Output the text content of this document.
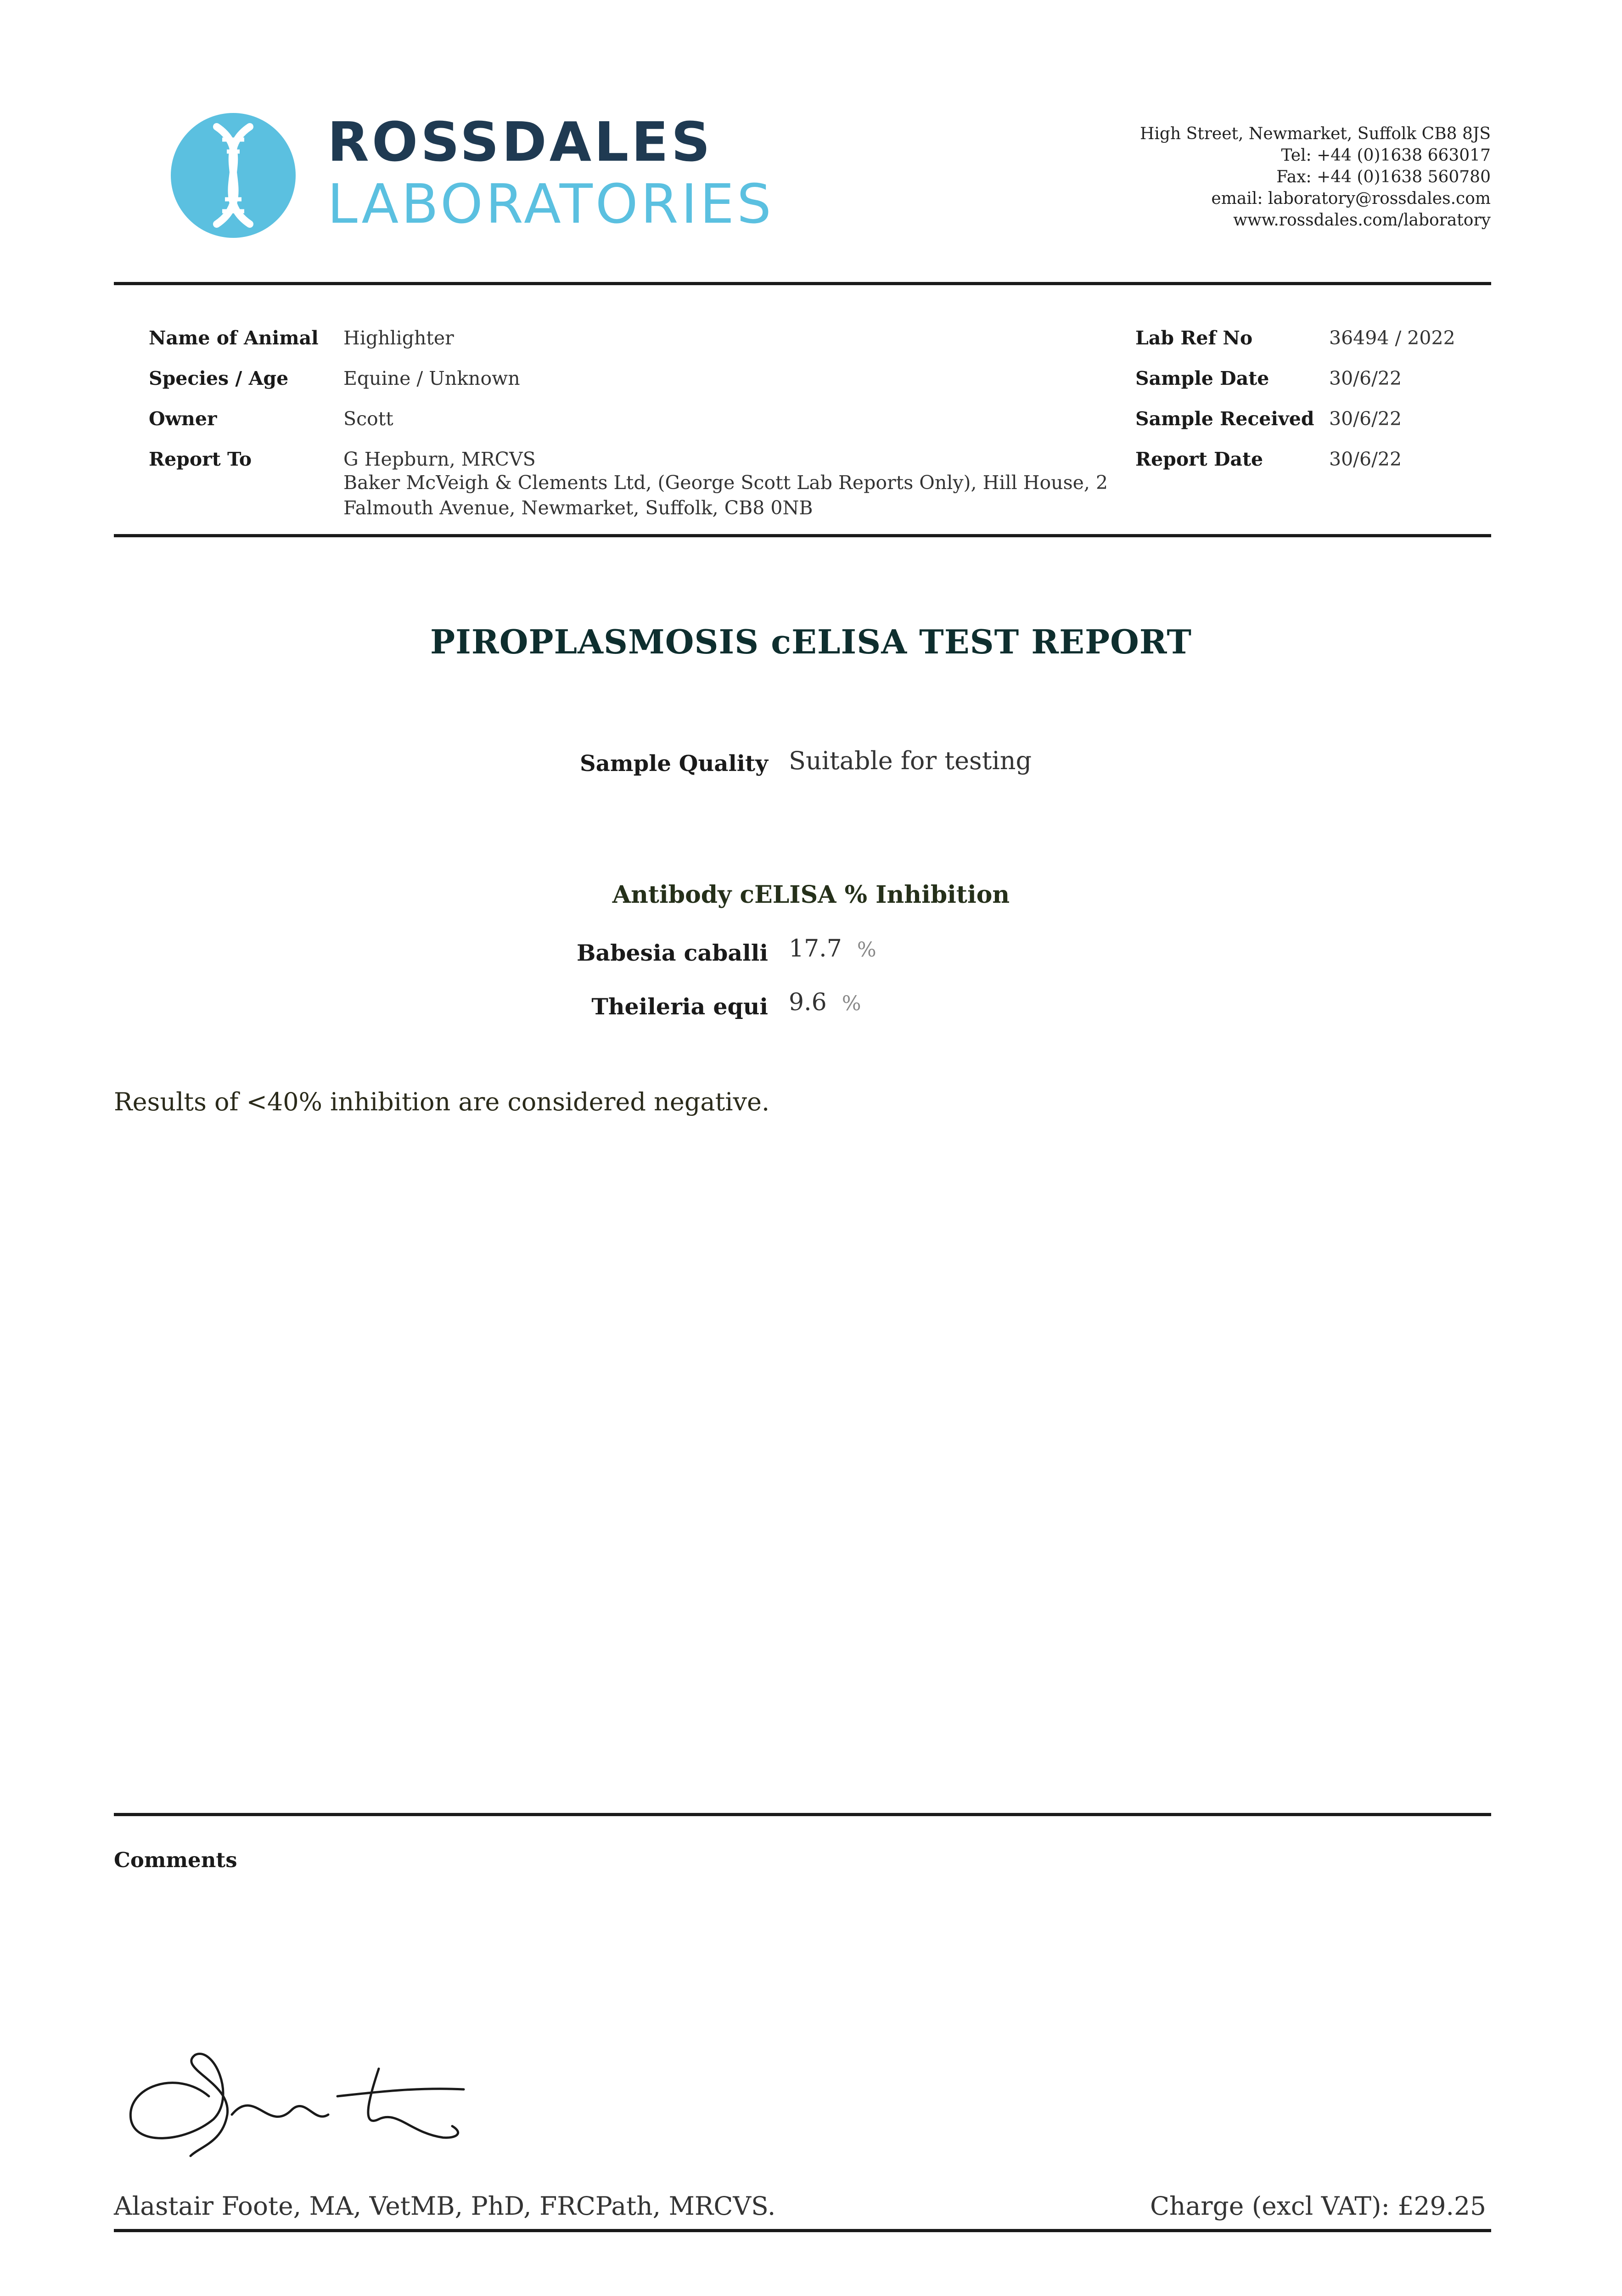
ROSSDALES
LABORATORIES
High Street, Newmarket, Suffolk CB8 8JS
Tel: +44 (0)1638 663017
Fax: +44 (0)1638 560780
email: laboratory@rossdales.com
www.rossdales.com/laboratory
Name of Animal Highlighter
Species / Age	Equine / Unknown
Owner	Scott
Report To	G Hepburn, MRCVS
Baker McVeigh & Clements Ltd, (George Scott Lab Reports Only), Hill House, 2 Falmouth Avenue, Newmarket, Suffolk, CB8 0NB
Lab Ref No	36494 / 2022
Sample Date	30/6/22
Sample Received 30/6/22
Report Date	30/6/22
PIROPLASMOSIS cELISA TEST REPORT
Sample Quality Suitable for testing
Antibody cELISA % Inhibition
Babesia caballi 17.7 %
Theileria equi 9.6 %
Results of <40% inhibition are considered negative.
Comments
Alastair Foote, MA, VetMB, PhD, FRCPath, MRCVS.	Charge (excl VAT): £29.25
